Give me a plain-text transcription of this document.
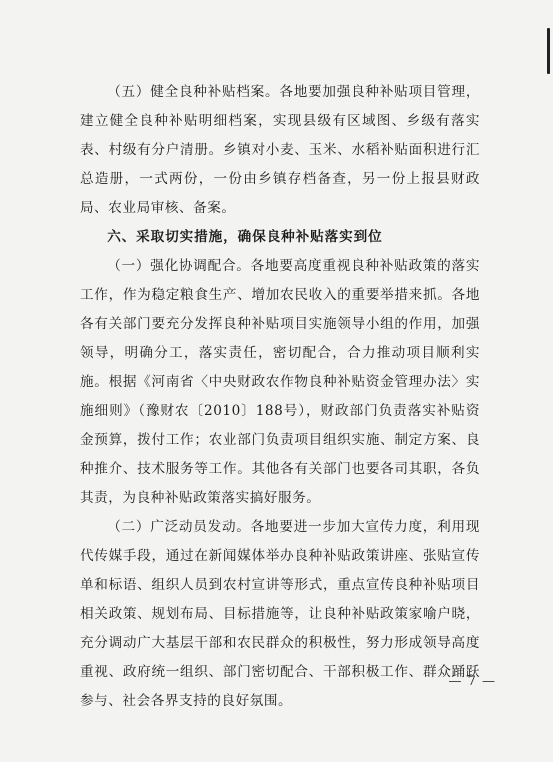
（五）健全良种补贴档案。各地要加强良种补贴项目管理，建立健全良种补贴明细档案，实现县级有区域图、乡级有落实表、村级有分户清册。乡镇对小麦、玉米、水稻补贴面积进行汇总造册，一式两份，一份由乡镇存档备查，另一份上报县财政局、农业局审核、备案。

六、采取切实措施，确保良种补贴落实到位

（一）强化协调配合。各地要高度重视良种补贴政策的落实工作，作为稳定粮食生产、增加农民收入的重要举措来抓。各地各有关部门要充分发挥良种补贴项目实施领导小组的作用，加强领导，明确分工，落实责任，密切配合，合力推动项目顺利实施。根据《河南省〈中央财政农作物良种补贴资金管理办法〉实施细则》（豫财农〔2010〕188号），财政部门负责落实补贴资金预算，拨付工作；农业部门负责项目组织实施、制定方案、良种推介、技术服务等工作。其他各有关部门也要各司其职，各负其责，为良种补贴政策落实搞好服务。

（二）广泛动员发动。各地要进一步加大宣传力度，利用现代传媒手段，通过在新闻媒体举办良种补贴政策讲座、张贴宣传单和标语、组织人员到农村宣讲等形式，重点宣传良种补贴项目相关政策、规划布局、目标措施等，让良种补贴政策家喻户晓，充分调动广大基层干部和农民群众的积极性，努力形成领导高度重视、政府统一组织、部门密切配合、干部积极工作、群众踊跃参与、社会各界支持的良好氛围。

— 7 —
